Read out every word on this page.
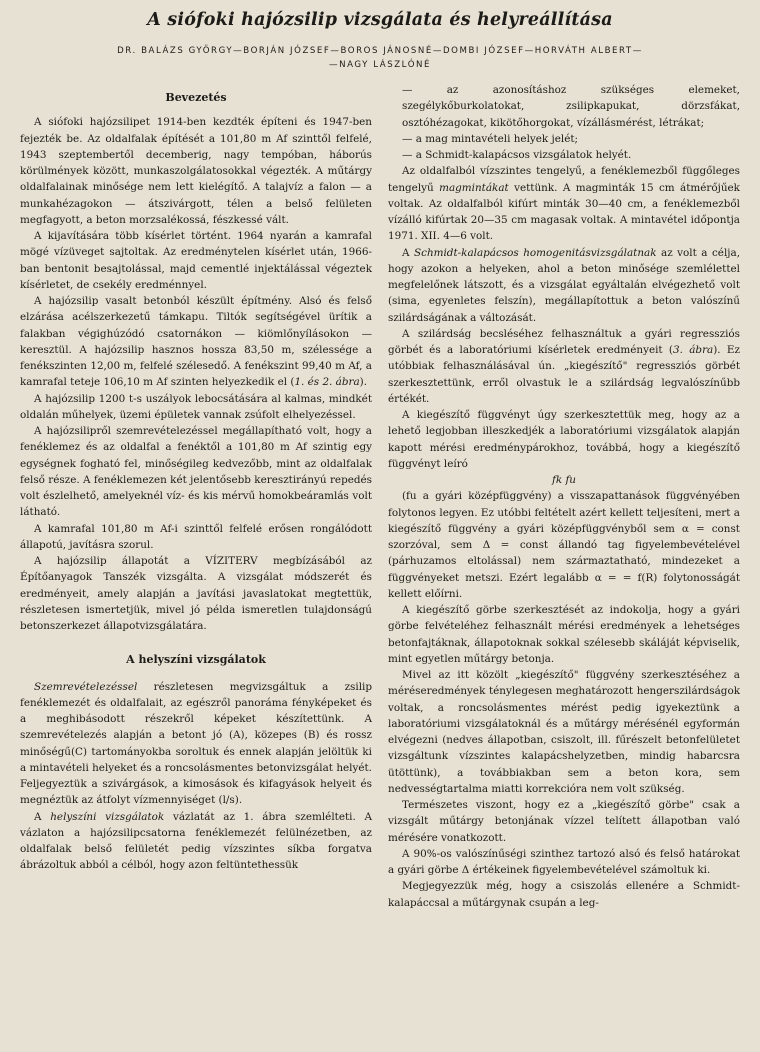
A siófoki hajózsilip vizsgálata és helyreállítása
DR. BALÁZS GYÖRGY—BORJÁN JÓZSEF—BOROS JÁNOSNÉ—DOMBI JÓZSEF—HORVÁTH ALBERT—
—NAGY LÁSZLÓNÉ
Bevezetés

A siófoki hajózsilipet 1914-ben kezdték építeni és 1947-ben fejezték be. Az oldalfalak építését a 101,80 m Af szinttől felfelé, 1943 szeptembertől decemberig, nagy tempóban, háborús körülmények között, munkaszolgálatosokkal végezték. A műtárgy oldalfalainak minősége nem lett kielégítő. A talajvíz a falon — a munkahézagokon — átszivárgott, télen a belső felületen megfagyott, a beton morzsalékossá, fészkessé vált.

A kijavítására több kísérlet történt. 1964 nyarán a kamrafal mögé vízüveget sajtoltak. Az eredménytelen kísérlet után, 1966-ban bentonit besajtolással, majd cementlé injektálással végeztek kísérletet, de csekély eredménnyel.

A hajózsilip vasalt betonból készült építmény. Alsó és felső elzárása acélszerkezetű támkapu. Tiltók segítségével ürítik a falakban végighúzódó csatornákon — kiömlőnyílásokon — keresztül. A hajózsilip hasznos hossza 83,50 m, szélessége a fenékszinten 12,00 m, felfelé szélesedő. A fenékszint 99,40 m Af, a kamrafal teteje 106,10 m Af szinten helyezkedik el (1. és 2. ábra).

A hajózsilip 1200 t-s uszályok lebocsátására al kalmas, mindkét oldalán műhelyek, üzemi épületek vannak zsúfolt elhelyezéssel.

A hajózsilipről szemrevételezéssel megállapítható volt, hogy a fenéklemez és az oldalfal a fenéktől a 101,80 m Af szintig egy egységnek fogható fel, minőségileg kedvezőbb, mint az oldalfalak felső része. A fenéklemezen két jelentősebb keresztirányú repedés volt észlelhető, amelyeknél víz- és kis mérvű homokbeáramlás volt látható.

A kamrafal 101,80 m Af-i szinttől felfelé erősen rongálódott állapotú, javításra szorul.

A hajózsilip állapotát a VÍZITERV megbízásából az Építőanyagok Tanszék vizsgálta. A vizsgálat módszerét és eredményeit, amely alapján a javítási javaslatokat megtettük, részletesen ismertetjük, mivel jó példa ismeretlen tulajdonságú betonszerkezet állapotvizsgálatára.

A helyszíni vizsgálatok

Szemrevételezéssel részletesen megvizsgáltuk a zsilip fenéklemezét és oldalfalait, az egészről panoráma fényképeket és a meghibásodott részekről képeket készítettünk. A szemrevételezés alapján a betont jó (A), közepes (B) és rossz minőségű(C) tartományokba soroltuk és ennek alapján jelöltük ki a mintavételi helyeket és a roncsolásmentes betonvizsgálat helyét. Feljegyeztük a szivárgások, a kimosások és kifagyások helyeit és megnéztük az átfolyt vízmennyiséget (l/s).

A helyszíni vizsgálatok vázlatát az 1. ábra szemlélteti. A vázlaton a hajózsilipcsatorna fenéklemezét felülnézetben, az oldalfalak belső felületét pedig vízszintes síkba forgatva ábrázoltuk abból a célból, hogy azon feltüntethessük

— az azonosításhoz szükséges elemeket, szegélykőburkolatokat, zsilipkapukat, dörzsfákat, osztóhézagokat, kikötőhorgokat, vízállásmérést, létrákat;
— a mag mintavételi helyek jelét;
— a Schmidt-kalapácsos vizsgálatok helyét.

Az oldalfalból vízszintes tengelyű, a fenéklemezből függőleges tengelyű magmintákat vettünk. A magminták 15 cm átmérőjűek voltak. Az oldalfalból kifúrt minták 30—40 cm, a fenéklemezből vízálló kifúrtak 20—35 cm magasak voltak. A mintavétel időpontja 1971. XII. 4—6 volt.

A Schmidt-kalapácsos homogenitásvizsgálatnak az volt a célja, hogy azokon a helyeken, ahol a beton minősége szemlélettel megfelelőnek látszott, és a vizsgálat egyáltalán elvégezhető volt (sima, egyenletes felszín), megállapítottuk a beton valószínű szilárdságának a változását.

A szilárdság becsléséhez felhasználtuk a gyári regressziós görbét és a laboratóriumi kísérletek eredményeit (3. ábra). Ez utóbbiak felhasználásával ún. „kiegészítő" regressziós görbét szerkesztettünk, erről olvastuk le a szilárdság legvalószínűbb értékét.

A kiegészítő függvényt úgy szerkesztettük meg, hogy az a lehető legjobban illeszkedjék a laboratóriumi vizsgálatok alapján kapott mérési eredménypárokhoz, továbbá, hogy a kiegészítő függvényt leíró

fk fu

(fu a gyári középfüggvény) a visszapattanások függvényében folytonos legyen. Ez utóbbi feltételt azért kellett teljesíteni, mert a kiegészítő függvény a gyári középfüggvényből sem α = const szorzóval, sem Δ = const állandó tag figyelembevételével (párhuzamos eltolással) nem származtatható, mindezeket a függvényeket metszi. Ezért legalább α = = f(R) folytonosságát kellett előírni.

A kiegészítő görbe szerkesztését az indokolja, hogy a gyári görbe felvételéhez felhasznált mérési eredmények a lehetséges betonfajtáknak, állapotoknak sokkal szélesebb skáláját képviselik, mint egyetlen műtárgy betonja.

Mivel az itt közölt „kiegészítő" függvény szerkesztéséhez a méréseredmények ténylegesen meghatározott hengerszilárdságok voltak, a roncsolásmentes mérést pedig igyekeztünk a laboratóriumi vizsgálatoknál és a műtárgy mérésénél egyformán elvégezni (nedves állapotban, csiszolt, ill. fűrészelt betonfelületet vizsgáltunk vízszintes kalapácshelyzetben, mindig habarcsra ütöttünk), a továbbiakban sem a beton kora, sem nedvességtartalma miatti korrekcióra nem volt szükség.

Természetes viszont, hogy ez a „kiegészítő görbe" csak a vizsgált műtárgy betonjának vízzel telített állapotban való mérésére vonatkozott.

A 90%-os valószínűségi szinthez tartozó alsó és felső határokat a gyári görbe Δ értékeinek figyelembevételével számoltuk ki.

Megjegyezzük még, hogy a csiszolás ellenére a Schmidt-kalapáccsal a műtárgynak csupán a leg-
